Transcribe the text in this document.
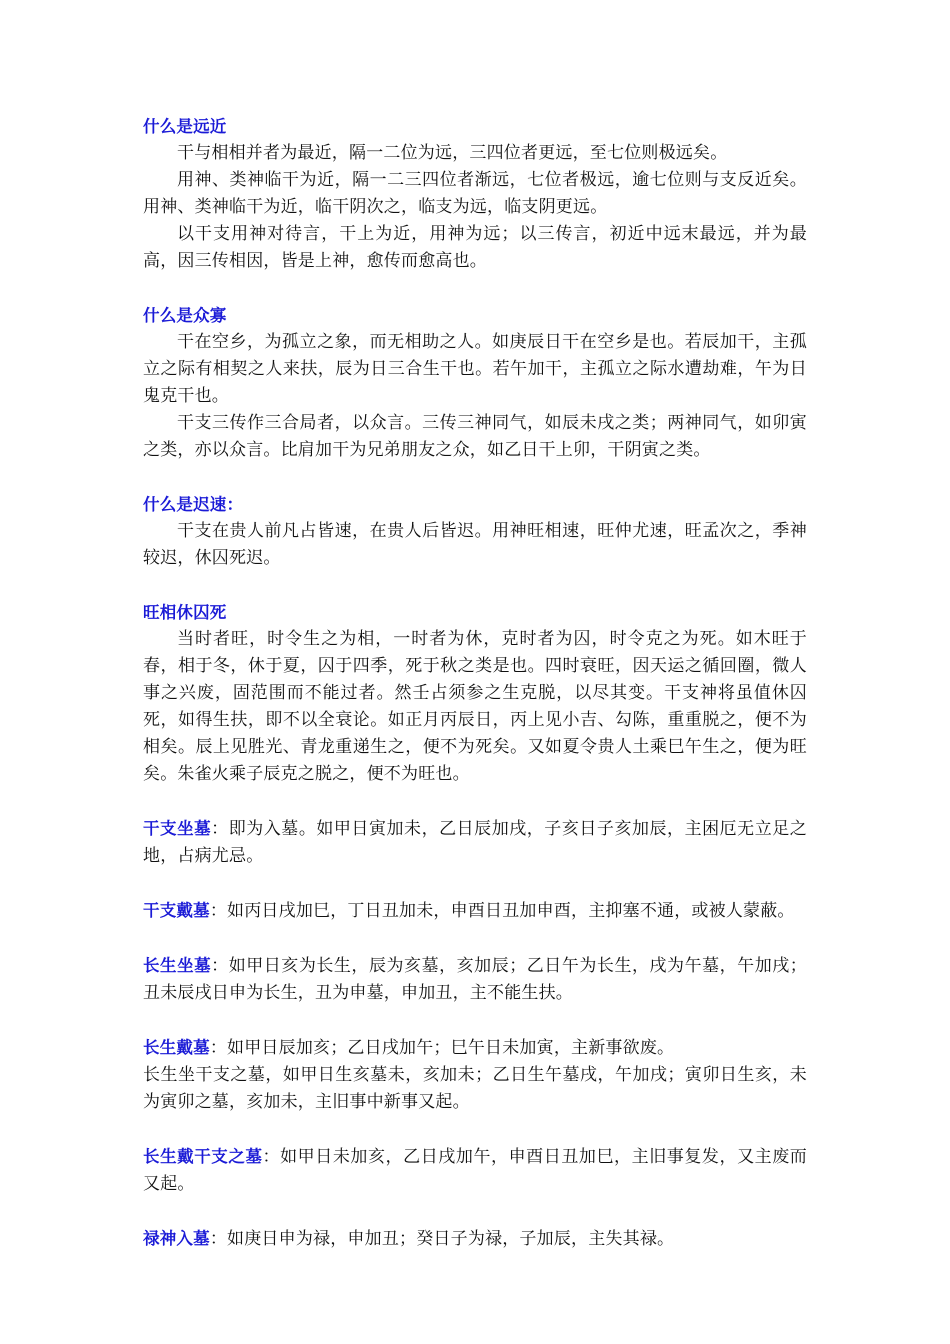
什么是远近

干与相相并者为最近，隔一二位为远，三四位者更远，至七位则极远矣。

用神、类神临干为近，隔一二三四位者渐远，七位者极远，逾七位则与支反近矣。用神、类神临干为近，临干阴次之，临支为远，临支阴更远。

以干支用神对待言，干上为近，用神为远；以三传言，初近中远末最远，并为最高，因三传相因，皆是上神，愈传而愈高也。

什么是众寡

干在空乡，为孤立之象，而无相助之人。如庚辰日干在空乡是也。若辰加干，主孤立之际有相契之人来扶，辰为日三合生干也。若午加干，主孤立之际水遭劫难，午为日鬼克干也。

干支三传作三合局者，以众言。三传三神同气，如辰未戌之类；两神同气，如卯寅之类，亦以众言。比肩加干为兄弟朋友之众，如乙日干上卯，干阴寅之类。

什么是迟速：

干支在贵人前凡占皆速，在贵人后皆迟。用神旺相速，旺仲尤速，旺孟次之，季神较迟，休囚死迟。

旺相休囚死

当时者旺，时令生之为相，一时者为休，克时者为囚，时令克之为死。如木旺于春，相于冬，休于夏，囚于四季，死于秋之类是也。四时衰旺，因天运之循回圈，微人事之兴废，固范围而不能过者。然壬占须参之生克脱，以尽其变。干支神将虽值休囚死，如得生扶，即不以全衰论。如正月丙辰日，丙上见小吉、勾陈，重重脱之，便不为相矣。辰上见胜光、青龙重递生之，便不为死矣。又如夏令贵人土乘巳午生之，便为旺矣。朱雀火乘子辰克之脱之，便不为旺也。

干支坐墓：即为入墓。如甲日寅加未，乙日辰加戌，子亥日子亥加辰，主困厄无立足之地，占病尤忌。

干支戴墓：如丙日戌加巳，丁日丑加未，申酉日丑加申酉，主抑塞不通，或被人蒙蔽。

长生坐墓：如甲日亥为长生，辰为亥墓，亥加辰；乙日午为长生，戌为午墓，午加戌；丑未辰戌日申为长生，丑为申墓，申加丑，主不能生扶。

长生戴墓：如甲日辰加亥；乙日戌加午；巳午日未加寅，主新事欲废。

长生坐干支之墓，如甲日生亥墓未，亥加未；乙日生午墓戌，午加戌；寅卯日生亥，未为寅卯之墓，亥加未，主旧事中新事又起。

长生戴干支之墓：如甲日未加亥，乙日戌加午，申酉日丑加巳，主旧事复发，又主废而又起。

禄神入墓：如庚日申为禄，申加丑；癸日子为禄，子加辰，主失其禄。
